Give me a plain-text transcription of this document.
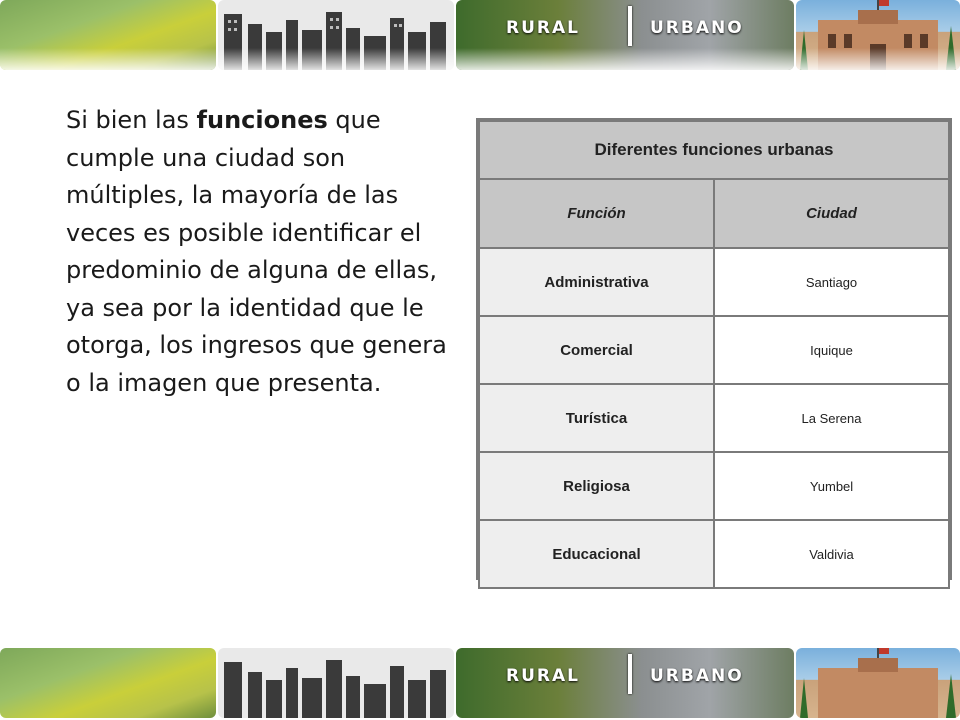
RURAL	URBANO

Si bien las funciones que cumple una ciudad son múltiples, la mayoría de las veces es posible identificar el predominio de alguna de ellas, ya sea por la identidad que le otorga, los ingresos que genera o la imagen que presenta.

Diferentes funciones urbanas	
Función	Ciudad
Administrativa	Santiago
Comercial	Iquique
Turística	La Serena
Religiosa	Yumbel
Educacional	Valdivia
RURAL	URBANO
